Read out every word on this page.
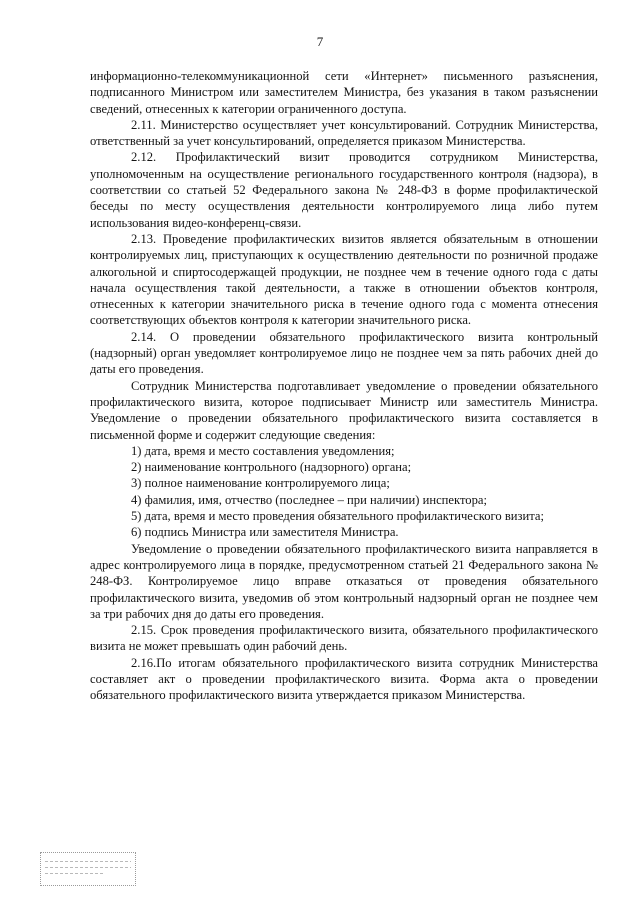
7

информационно-телекоммуникационной сети «Интернет» письменного разъяснения, подписанного Министром или заместителем Министра, без указания в таком разъяснении сведений, отнесенных к категории ограниченного доступа.

2.11. Министерство осуществляет учет консультирований. Сотрудник Министерства, ответственный за учет консультирований, определяется приказом Министерства.

2.12. Профилактический визит проводится сотрудником Министерства, уполномоченным на осуществление регионального государственного контроля (надзора), в соответствии со статьей 52 Федерального закона № 248-ФЗ в форме профилактической беседы по месту осуществления деятельности контролируемого лица либо путем использования видео-конференц-связи.

2.13. Проведение профилактических визитов является обязательным в отношении контролируемых лиц, приступающих к осуществлению деятельности по розничной продаже алкогольной и спиртосодержащей продукции, не позднее чем в течение одного года с даты начала осуществления такой деятельности, а также в отношении объектов контроля, отнесенных к категории значительного риска в течение одного года с момента отнесения соответствующих объектов контроля к категории значительного риска.

2.14. О проведении обязательного профилактического визита контрольный (надзорный) орган уведомляет контролируемое лицо не позднее чем за пять рабочих дней до даты его проведения.

Сотрудник Министерства подготавливает уведомление о проведении обязательного профилактического визита, которое подписывает Министр или заместитель Министра. Уведомление о проведении обязательного профилактического визита составляется в письменной форме и содержит следующие сведения:

1) дата, время и место составления уведомления;

2) наименование контрольного (надзорного) органа;

3) полное наименование контролируемого лица;

4) фамилия, имя, отчество (последнее – при наличии) инспектора;

5) дата, время и место проведения обязательного профилактического визита;

6) подпись Министра или заместителя Министра.

Уведомление о проведении обязательного профилактического визита направляется в адрес контролируемого лица в порядке, предусмотренном статьей 21 Федерального закона № 248-ФЗ. Контролируемое лицо вправе отказаться от проведения обязательного профилактического визита, уведомив об этом контрольный надзорный орган не позднее чем за три рабочих дня до даты его проведения.

2.15. Срок проведения профилактического визита, обязательного профилактического визита не может превышать один рабочий день.

2.16.По итогам обязательного профилактического визита сотрудник Министерства составляет акт о проведении профилактического визита. Форма акта о проведении обязательного профилактического визита утверждается приказом Министерства.
